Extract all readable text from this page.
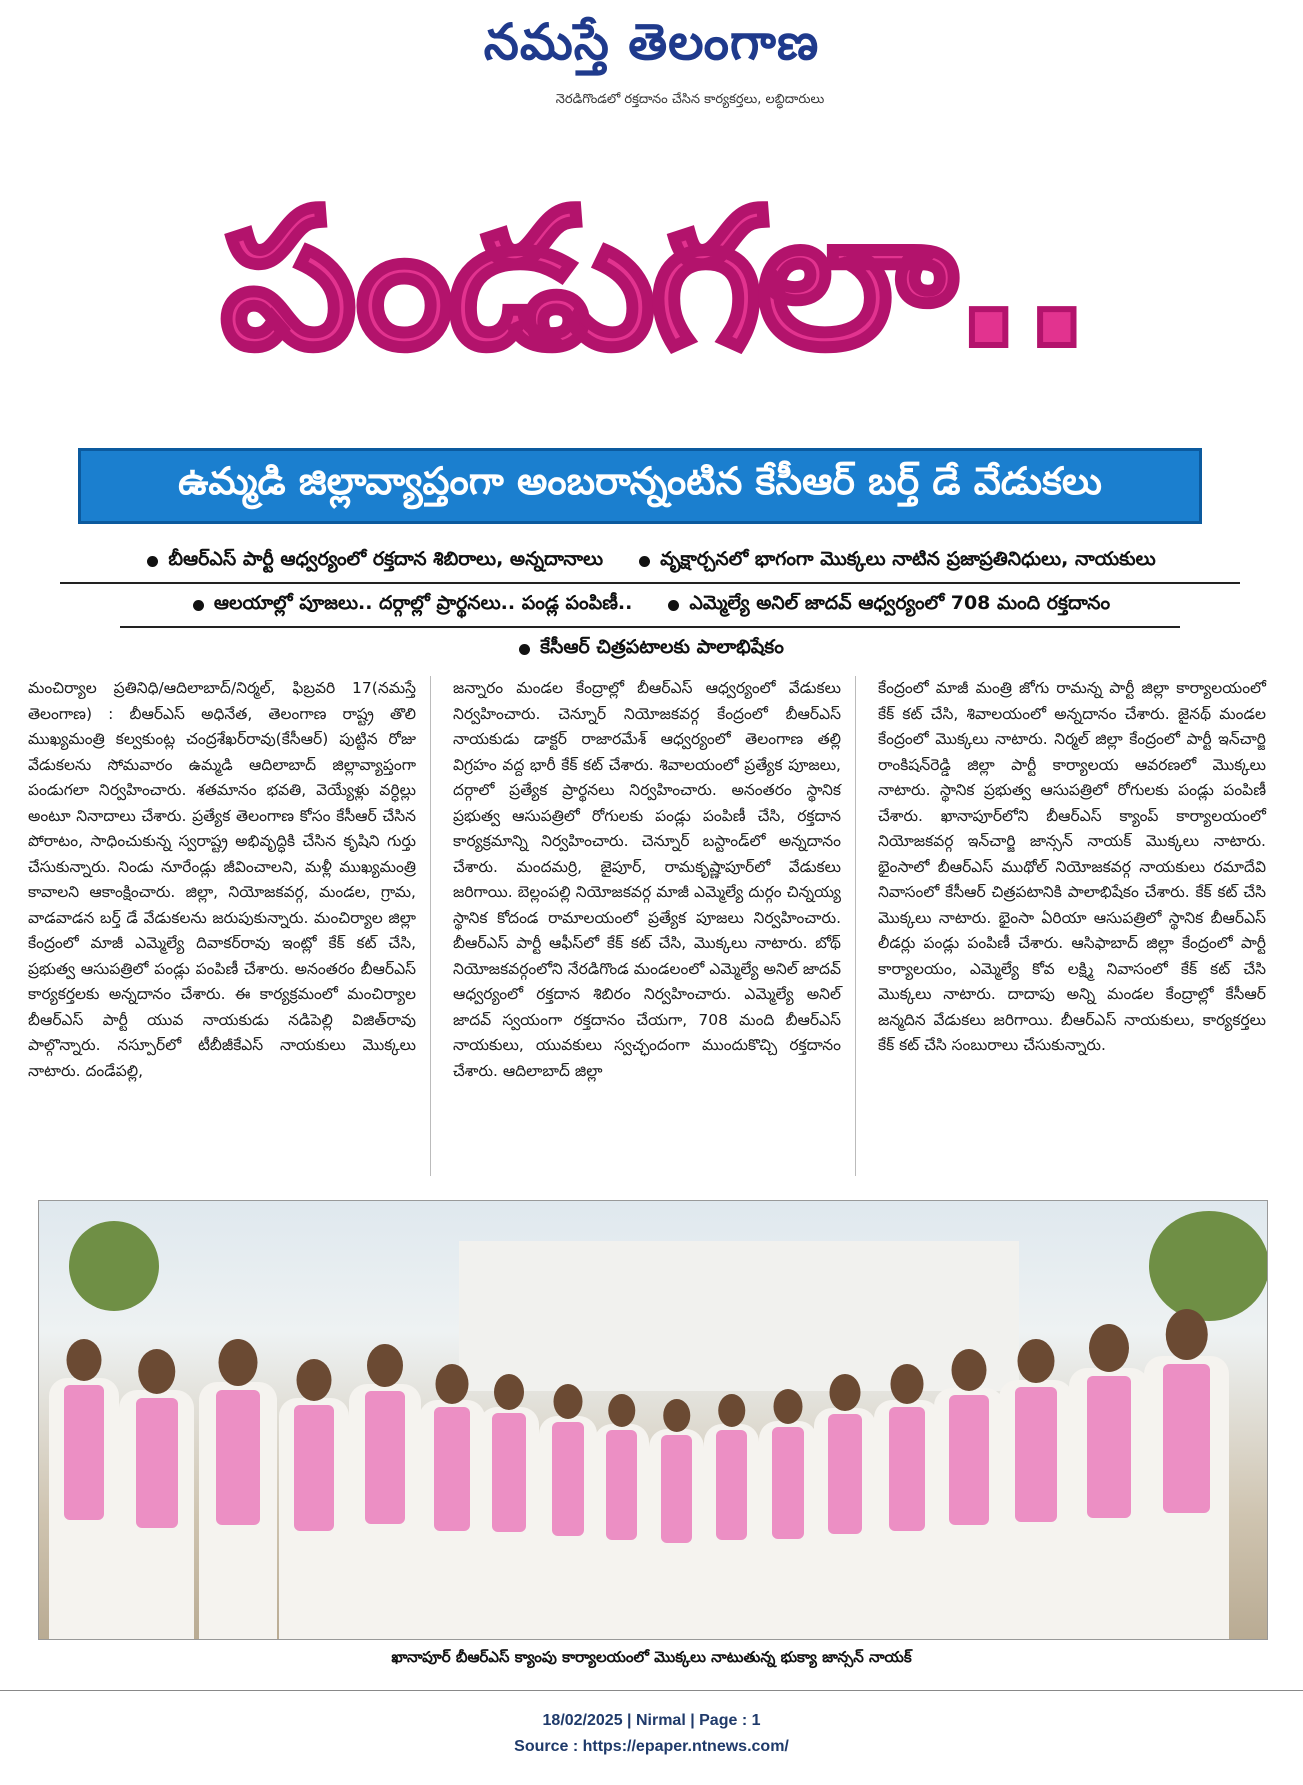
నమస్తే తెలంగాణ
నెరడిగొండలో రక్తదానం చేసిన కార్యకర్తలు, లబ్ధిదారులు
పండుగలా..
ఉమ్మడి జిల్లావ్యాప్తంగా అంబరాన్నంటిన కేసీఆర్ బర్త్ డే వేడుకలు
బీఆర్ఎస్ పార్టీ ఆధ్వర్యంలో రక్తదాన శిబిరాలు, అన్నదానాలు	వృక్షార్చనలో భాగంగా మొక్కలు నాటిన ప్రజాప్రతినిధులు, నాయకులు
ఆలయాల్లో పూజలు.. దర్గాల్లో ప్రార్థనలు.. పండ్ల పంపిణీ..	ఎమ్మెల్యే అనిల్ జాదవ్ ఆధ్వర్యంలో 708 మంది రక్తదానం
కేసీఆర్ చిత్రపటాలకు పాలాభిషేకం
మంచిర్యాల ప్రతినిధి/ఆదిలాబాద్/నిర్మల్, ఫిబ్రవరి 17(నమస్తే తెలంగాణ) : బీఆర్ఎస్ అధినేత, తెలంగాణ రాష్ట్ర తొలి ముఖ్యమంత్రి కల్వకుంట్ల చంద్రశేఖర్‌రావు(కేసీఆర్) పుట్టిన రోజు వేడుకలను సోమవారం ఉమ్మడి ఆదిలాబాద్ జిల్లావ్యాప్తంగా పండుగలా నిర్వహించారు. శతమానం భవతి, వెయ్యేళ్లు వర్ధిల్లు అంటూ నినాదాలు చేశారు. ప్రత్యేక తెలంగాణ కోసం కేసీఆర్ చేసిన పోరాటం, సాధించుకున్న స్వరాష్ట్ర అభివృద్ధికి చేసిన కృషిని గుర్తు చేసుకున్నారు. నిండు నూరేండ్లు జీవించాలని, మళ్లీ ముఖ్యమంత్రి కావాలని ఆకాంక్షించారు. జిల్లా, నియోజకవర్గ, మండల, గ్రామ, వాడవాడన బర్త్ డే వేడుకలను జరుపుకున్నారు. మంచిర్యాల జిల్లా కేంద్రంలో మాజీ ఎమ్మెల్యే దివాకర్‌రావు ఇంట్లో కేక్ కట్ చేసి, ప్రభుత్వ ఆసుపత్రిలో పండ్లు పంపిణీ చేశారు. అనంతరం బీఆర్ఎస్ కార్యకర్తలకు అన్నదానం చేశారు. ఈ కార్యక్రమంలో మంచిర్యాల బీఆర్ఎస్ పార్టీ యువ నాయకుడు నడిపెల్లి విజిత్‌రావు పాల్గొన్నారు. నస్పూర్‌లో టీబీజీకేఎస్ నాయకులు మొక్కలు నాటారు. దండేపల్లి,
జన్నారం మండల కేంద్రాల్లో బీఆర్ఎస్ ఆధ్వర్యంలో వేడుకలు నిర్వహించారు. చెన్నూర్ నియోజకవర్గ కేంద్రంలో బీఆర్ఎస్ నాయకుడు డాక్టర్ రాజారమేశ్ ఆధ్వర్యంలో తెలంగాణ తల్లి విగ్రహం వద్ద భారీ కేక్ కట్ చేశారు. శివాలయంలో ప్రత్యేక పూజలు, దర్గాలో ప్రత్యేక ప్రార్థనలు నిర్వహించారు. అనంతరం స్థానిక ప్రభుత్వ ఆసుపత్రిలో రోగులకు పండ్లు పంపిణీ చేసి, రక్తదాన కార్యక్రమాన్ని నిర్వహించారు. చెన్నూర్ బస్టాండ్‌లో అన్నదానం చేశారు. మందమర్రి, జైపూర్, రామకృష్ణాపూర్‌లో వేడుకలు జరిగాయి. బెల్లంపల్లి నియోజకవర్గ మాజీ ఎమ్మెల్యే దుర్గం చిన్నయ్య స్థానిక కోదండ రామాలయంలో ప్రత్యేక పూజలు నిర్వహించారు. బీఆర్ఎస్ పార్టీ ఆఫీస్‌లో కేక్ కట్ చేసి, మొక్కలు నాటారు. బోథ్ నియోజకవర్గంలోని నేరడిగొండ మండలంలో ఎమ్మెల్యే అనిల్ జాదవ్ ఆధ్వర్యంలో రక్తదాన శిబిరం నిర్వహించారు. ఎమ్మెల్యే అనిల్ జాదవ్ స్వయంగా రక్తదానం చేయగా, 708 మంది బీఆర్ఎస్ నాయకులు, యువకులు స్వచ్ఛందంగా ముందుకొచ్చి రక్తదానం చేశారు. ఆదిలాబాద్ జిల్లా
కేంద్రంలో మాజీ మంత్రి జోగు రామన్న పార్టీ జిల్లా కార్యాలయంలో కేక్ కట్ చేసి, శివాలయంలో అన్నదానం చేశారు. జైనథ్ మండల కేంద్రంలో మొక్కలు నాటారు. నిర్మల్ జిల్లా కేంద్రంలో పార్టీ ఇన్‌చార్జి రాంకిషన్‌రెడ్డి జిల్లా పార్టీ కార్యాలయ ఆవరణలో మొక్కలు నాటారు. స్థానిక ప్రభుత్వ ఆసుపత్రిలో రోగులకు పండ్లు పంపిణీ చేశారు. ఖానాపూర్‌లోని బీఆర్ఎస్ క్యాంప్ కార్యాలయంలో నియోజకవర్గ ఇన్‌చార్జి జాన్సన్ నాయక్ మొక్కలు నాటారు. భైంసాలో బీఆర్ఎస్ ముథోల్ నియోజకవర్గ నాయకులు రమాదేవి నివాసంలో కేసీఆర్ చిత్రపటానికి పాలాభిషేకం చేశారు. కేక్ కట్ చేసి మొక్కలు నాటారు. భైంసా ఏరియా ఆసుపత్రిలో స్థానిక బీఆర్ఎస్ లీడర్లు పండ్లు పంపిణీ చేశారు. ఆసిఫాబాద్ జిల్లా కేంద్రంలో పార్టీ కార్యాలయం, ఎమ్మెల్యే కోవ లక్ష్మి నివాసంలో కేక్ కట్ చేసి మొక్కలు నాటారు. దాదాపు అన్ని మండల కేంద్రాల్లో కేసీఆర్ జన్మదిన వేడుకలు జరిగాయి. బీఆర్ఎస్ నాయకులు, కార్యకర్తలు కేక్ కట్ చేసి సంబురాలు చేసుకున్నారు.
ఖానాపూర్ బీఆర్ఎస్ క్యాంపు కార్యాలయంలో మొక్కలు నాటుతున్న భుక్యా జాన్సన్ నాయక్
18/02/2025 | Nirmal | Page : 1
Source : https://epaper.ntnews.com/
